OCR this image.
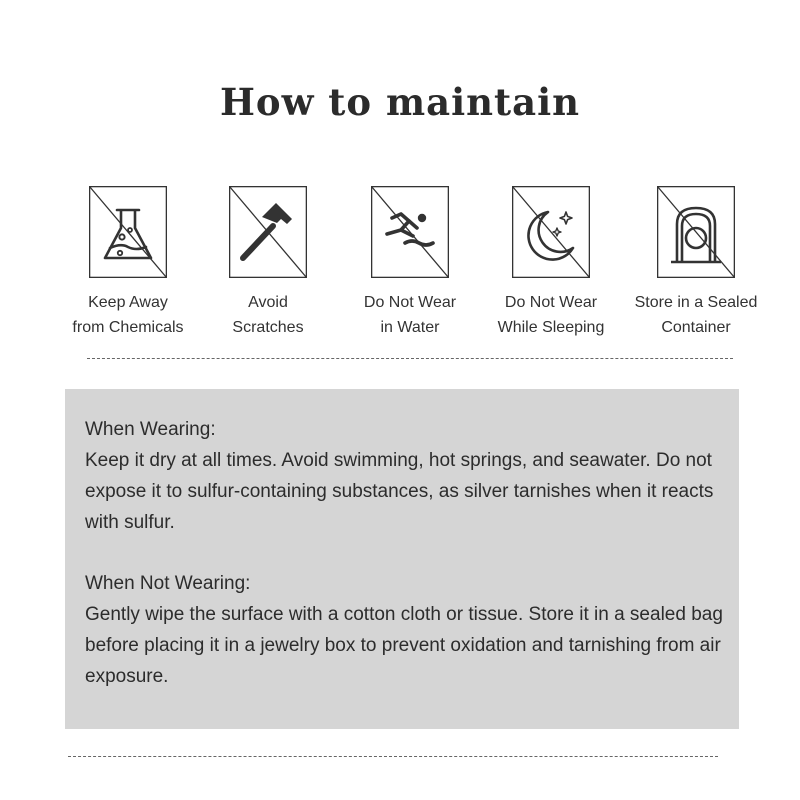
How to maintain
Keep Away
from Chemicals
Avoid
Scratches
Do Not Wear
in Water
Do Not Wear
While Sleeping
Store in a Sealed
Container
When Wearing:
Keep it dry at all times. Avoid swimming, hot springs, and seawater. Do not expose it to sulfur-containing substances, as silver tarnishes when it reacts with sulfur.
When Not Wearing:
Gently wipe the surface with a cotton cloth or tissue. Store it in a sealed bag before placing it in a jewelry box to prevent oxidation and tarnishing from air exposure.
